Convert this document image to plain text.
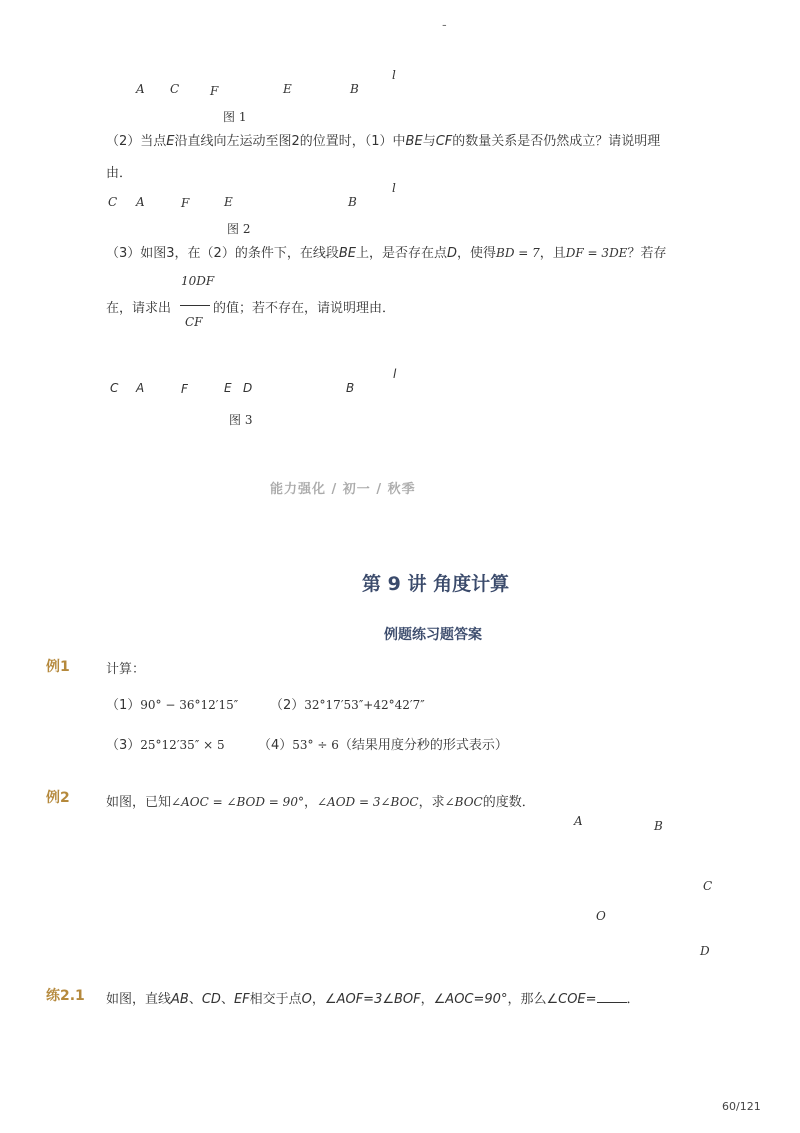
-
l
A C	F	E	B
图 1
（2）当点E沿直线向左运动至图2的位置时，（1）中BE与CF的数量关系是否仍然成立？请说明理
由．
l
C A	F	E	B
图 2
（3）如图3，在（2）的条件下，在线段BE上，是否存在点D，使得BD = 7，且DF = 3DE？若存
10DF
CF
在，请求出	的值；若不存在，请说明理由．
l
C A	F	E D	B
图 3
能力强化 / 初一 / 秋季
第 9 讲 角度计算
例题练习题答案
例1	计算：
（1）90° − 36°12′15″ （2）32°17′53″+42°42′7″
（3）25°12′35″ × 5	（4）53° ÷ 6（结果用度分秒的形式表示）
例2	如图，已知∠AOC = ∠BOD = 90°，∠AOD = 3∠BOC，求∠BOC的度数．
A	B
C
O
D
练2.1 如图，直线AB、CD、EF相交于点O，∠AOF=3∠BOF，∠AOC=90°，那么∠COE= ．
60/121
